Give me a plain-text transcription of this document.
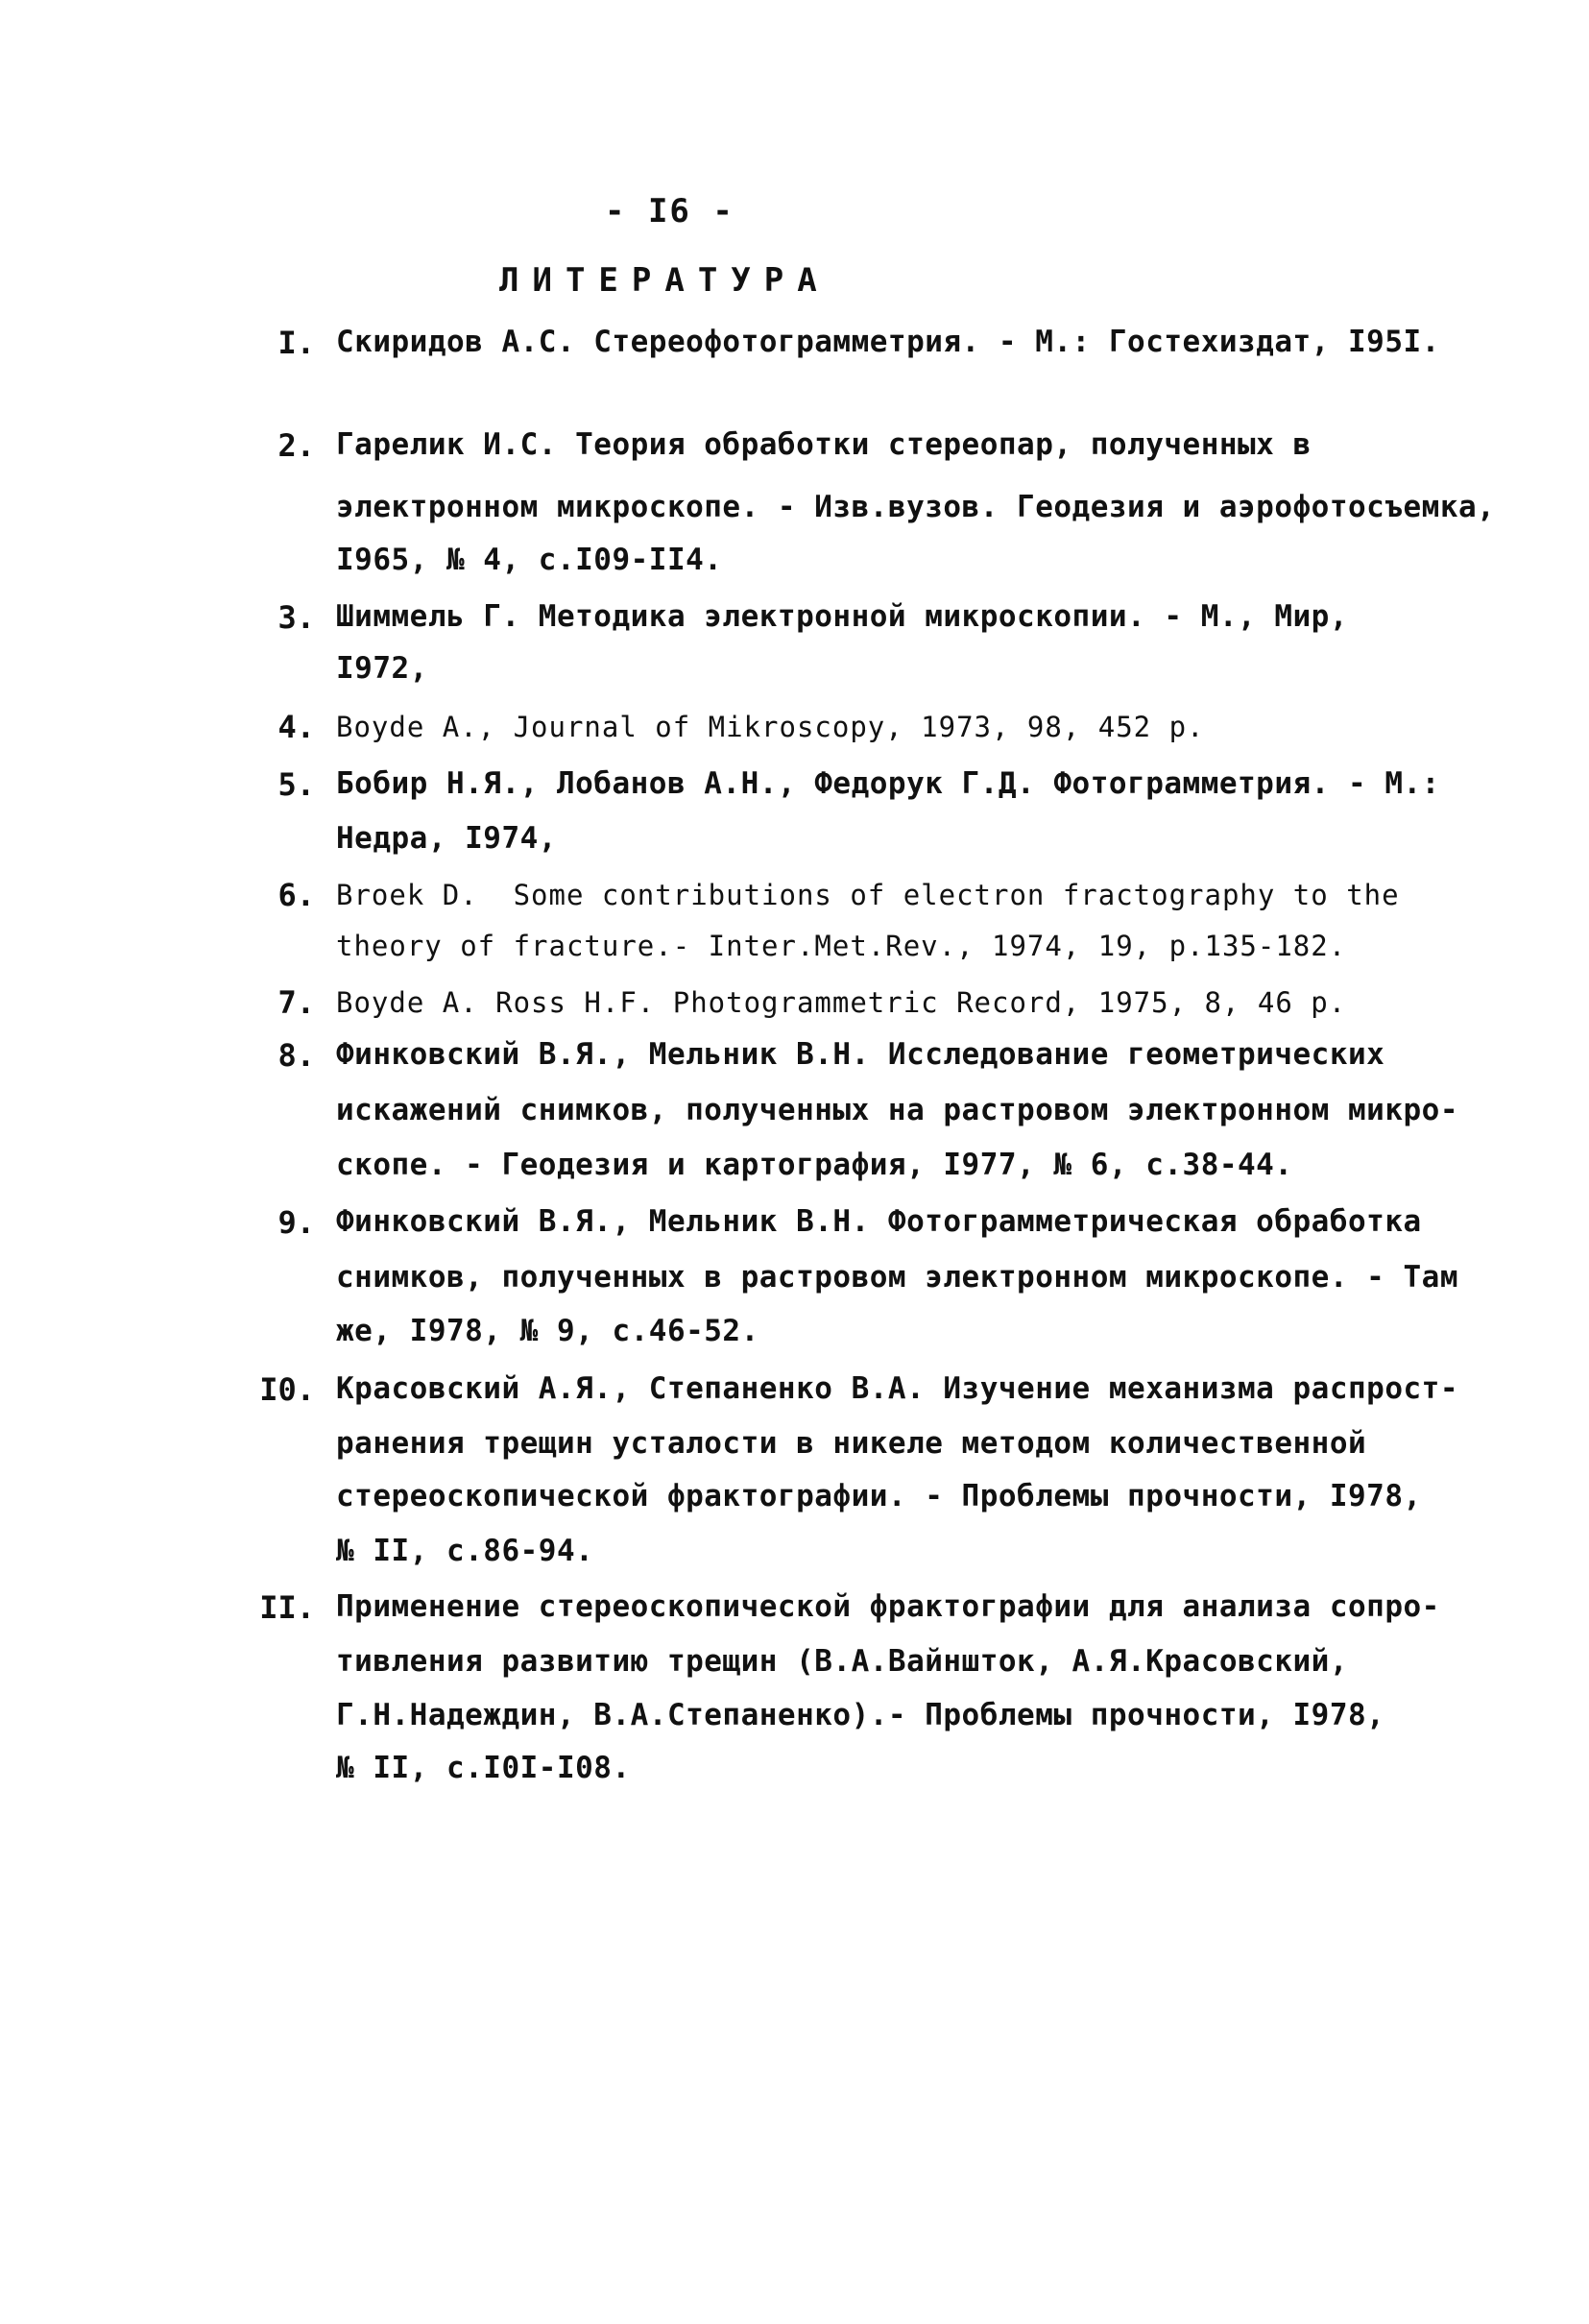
- I6 -
ЛИТЕРАТУРА
I. Скиридов А.С. Стереофотограмметрия. - М.: Гостехиздат, I95I.
2. Гарелик И.С. Теория обработки стереопар, полученных в
электронном микроскопе. - Изв.вузов. Геодезия и аэрофотосъемка,
I965, № 4, с.I09-II4.
3. Шиммель Г. Методика электронной микроскопии. - М., Мир,
I972,
4. Boyde A., Journal of Mikroscopy, 1973, 98, 452 p.
5. Бобир Н.Я., Лобанов А.Н., Федорук Г.Д. Фотограмметрия. - М.:
Недра, I974,
6. Broek D.  Some contributions of electron fractography to the
theory of fracture.- Inter.Met.Rev., 1974, 19, p.135-182.
7. Boyde A. Ross H.F. Photogrammetric Record, 1975, 8, 46 p.
8. Финковский В.Я., Мельник В.Н. Исследование геометрических
искажений снимков, полученных на растровом электронном микро-
скопе. - Геодезия и картография, I977, № 6, с.38-44.
9. Финковский В.Я., Мельник В.Н. Фотограмметрическая обработка
снимков, полученных в растровом электронном микроскопе. - Там
же, I978, № 9, с.46-52.
I0. Красовский А.Я., Степаненко В.А. Изучение механизма распрост-
ранения трещин усталости в никеле методом количественной
стереоскопической фрактографии. - Проблемы прочности, I978,
№ II, с.86-94.
II. Применение стереоскопической фрактографии для анализа сопро-
тивления развитию трещин (В.А.Вайншток, А.Я.Красовский,
Г.Н.Надеждин, В.А.Степаненко).- Проблемы прочности, I978,
№ II, с.I0I-I08.
